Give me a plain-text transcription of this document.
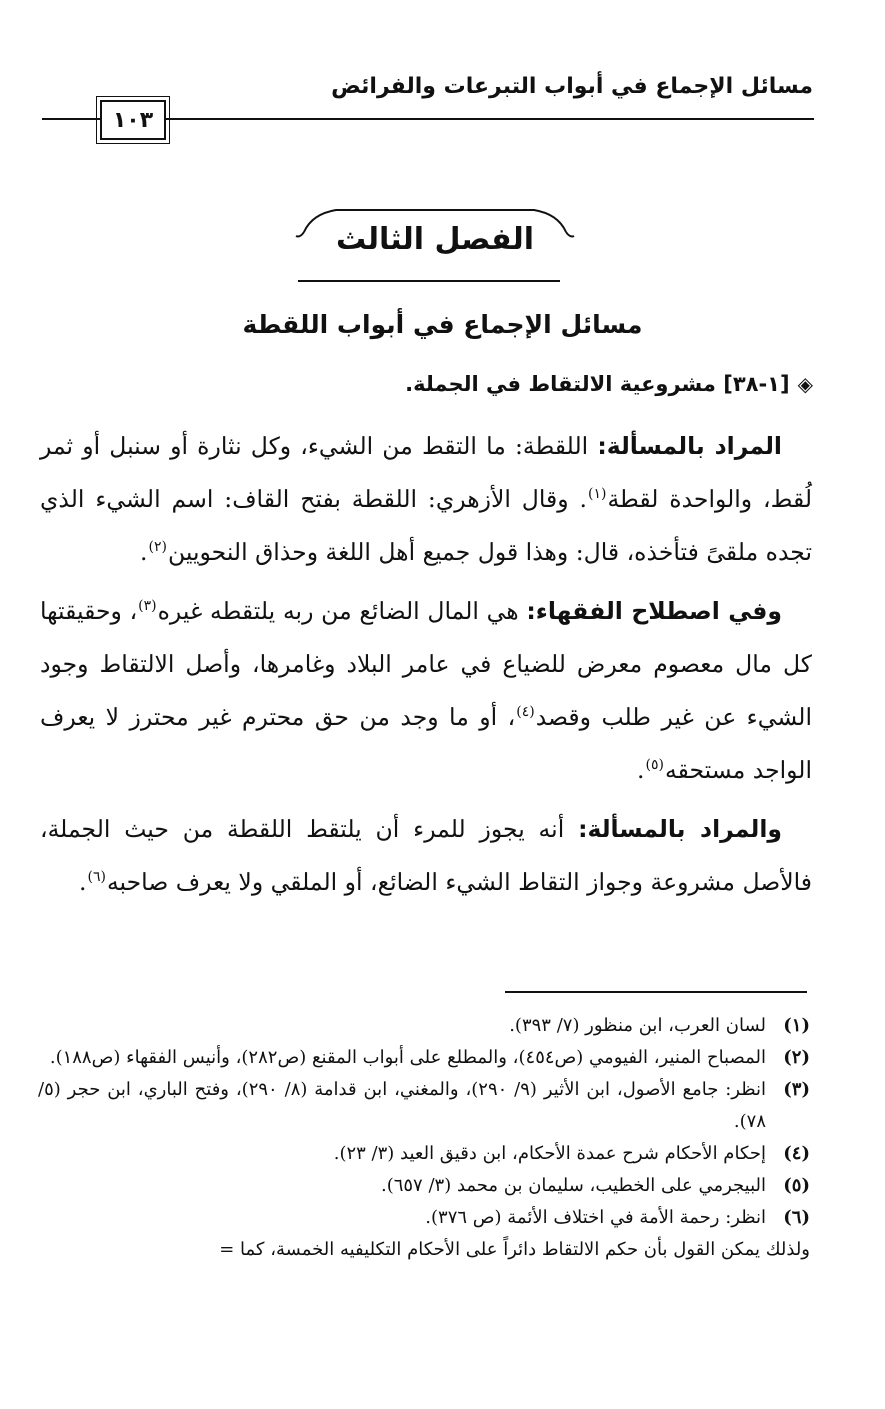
مسائل الإجماع في أبواب التبرعات والفرائض
١٠٣
الفصل الثالث
مسائل الإجماع في أبواب اللقطة
◈[١-٣٨] مشروعية الالتقاط في الجملة.

المراد بالمسألة: اللقطة: ما التقط من الشيء، وكل نثارة أو سنبل أو ثمر لُقط، والواحدة لقطة$^{(١)}$. وقال الأزهري: اللقطة بفتح القاف: اسم الشيء الذي تجده ملقىً فتأخذه، قال: وهذا قول جميع أهل اللغة وحذاق النحويين$^{(٢)}$.

وفي اصطلاح الفقهاء: هي المال الضائع من ربه يلتقطه غيره$^{(٣)}$، وحقيقتها كل مال معصوم معرض للضياع في عامر البلاد وغامرها، وأصل الالتقاط وجود الشيء عن غير طلب وقصد$^{(٤)}$، أو ما وجد من حق محترم غير محترز لا يعرف الواجد مستحقه$^{(٥)}$.

والمراد بالمسألة: أنه يجوز للمرء أن يلتقط اللقطة من حيث الجملة، فالأصل مشروعة وجواز التقاط الشيء الضائع، أو الملقي ولا يعرف صاحبه$^{(٦)}$.

(١)
لسان العرب، ابن منظور (٧/ ٣٩٣).
(٢)
المصباح المنير، الفيومي (ص٤٥٤)، والمطلع على أبواب المقنع (ص٢٨٢)، وأنيس الفقهاء (ص١٨٨).
(٣)
انظر: جامع الأصول، ابن الأثير (٩/ ٢٩٠)، والمغني، ابن قدامة (٨/ ٢٩٠)، وفتح الباري، ابن حجر (٥/ ٧٨).
(٤)
إحكام الأحكام شرح عمدة الأحكام، ابن دقيق العيد (٣/ ٢٣).
(٥)
البيجرمي على الخطيب، سليمان بن محمد (٣/ ٦٥٧).
(٦)
انظر: رحمة الأمة في اختلاف الأئمة (ص ٣٧٦).

ولذلك يمكن القول بأن حكم الالتقاط دائراً على الأحكام التكليفيه الخمسة، كما =
